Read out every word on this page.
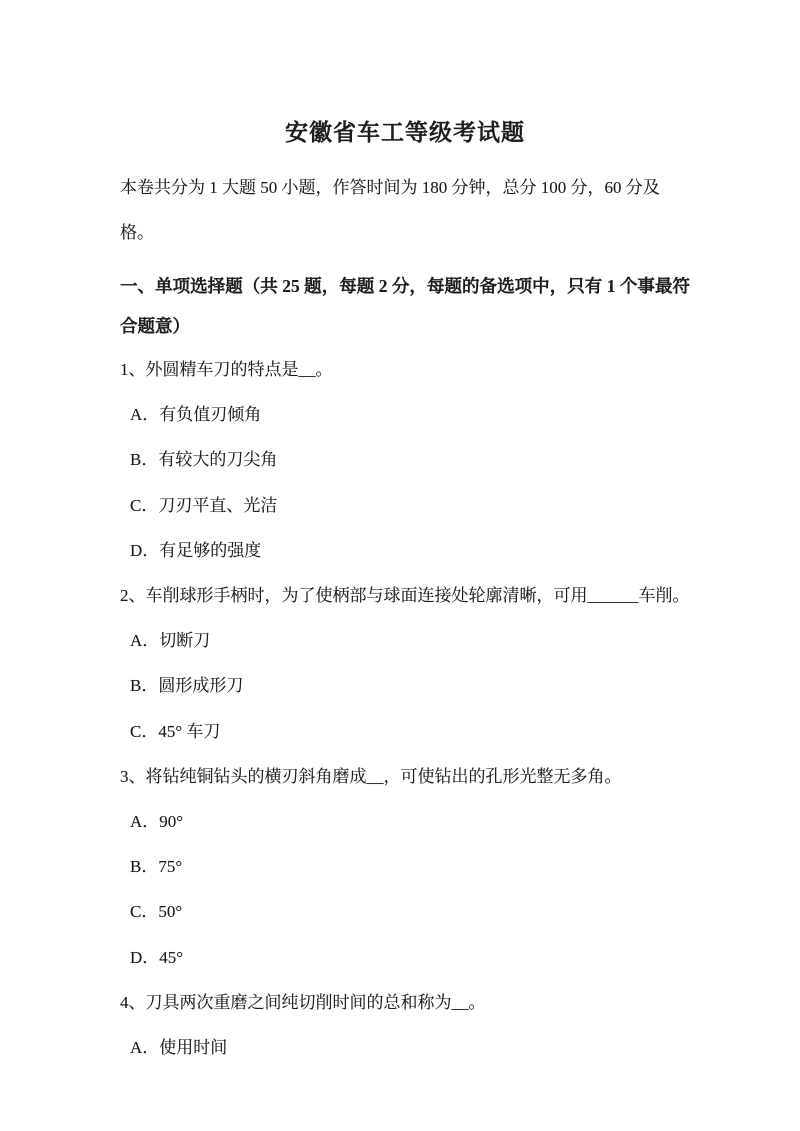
安徽省车工等级考试题

本卷共分为 1 大题 50 小题，作答时间为 180 分钟，总分 100 分，60 分及格。

一、单项选择题（共 25 题，每题 2 分，每题的备选项中，只有 1 个事最符合题意）

1、外圆精车刀的特点是__。

A．有负值刃倾角

B．有较大的刀尖角

C．刀刃平直、光洁

D．有足够的强度

2、车削球形手柄时，为了使柄部与球面连接处轮廓清晰，可用______车削。

A．切断刀

B．圆形成形刀

C．45° 车刀

3、将钻纯铜钻头的横刃斜角磨成__，可使钻出的孔形光整无多角。

A．90°

B．75°

C．50°

D．45°

4、刀具两次重磨之间纯切削时间的总和称为__。

A．使用时间
